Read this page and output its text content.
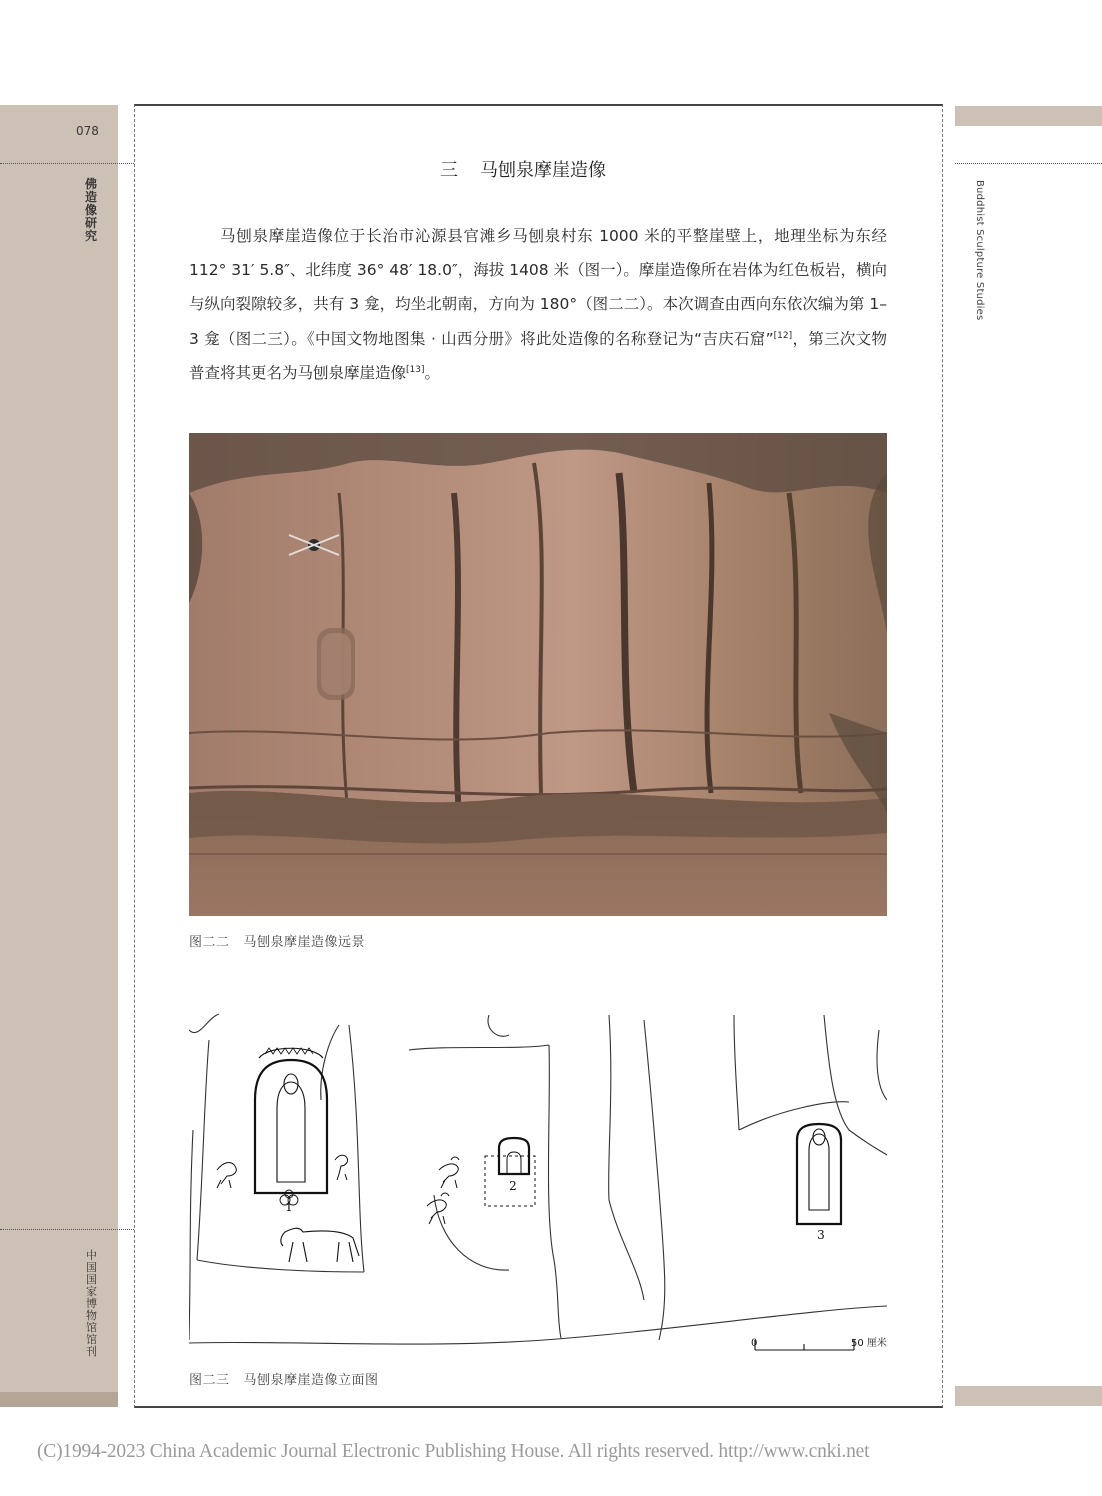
078
佛造像研究
中国国家博物馆馆刊
Buddhist Sculpture Studies
三 马刨泉摩崖造像

马刨泉摩崖造像位于长治市沁源县官滩乡马刨泉村东 1000 米的平整崖壁上，地理坐标为东经 112° 31′ 5.8″、北纬度 36° 48′ 18.0″，海拔 1408 米（图一）。摩崖造像所在岩体为红色板岩，横向与纵向裂隙较多，共有 3 龛，均坐北朝南，方向为 180°（图二二）。本次调查由西向东依次编为第 1–3 龛（图二三）。《中国文物地图集 · 山西分册》将此处造像的名称登记为“吉庆石窟”[12]，第三次文物普查将其更名为马刨泉摩崖造像[13]。

图二二 马刨泉摩崖造像远景
1
2
3
0	50 厘米
图二三 马刨泉摩崖造像立面图
(C)1994-2023 China Academic Journal Electronic Publishing House. All rights reserved. http://www.cnki.net
